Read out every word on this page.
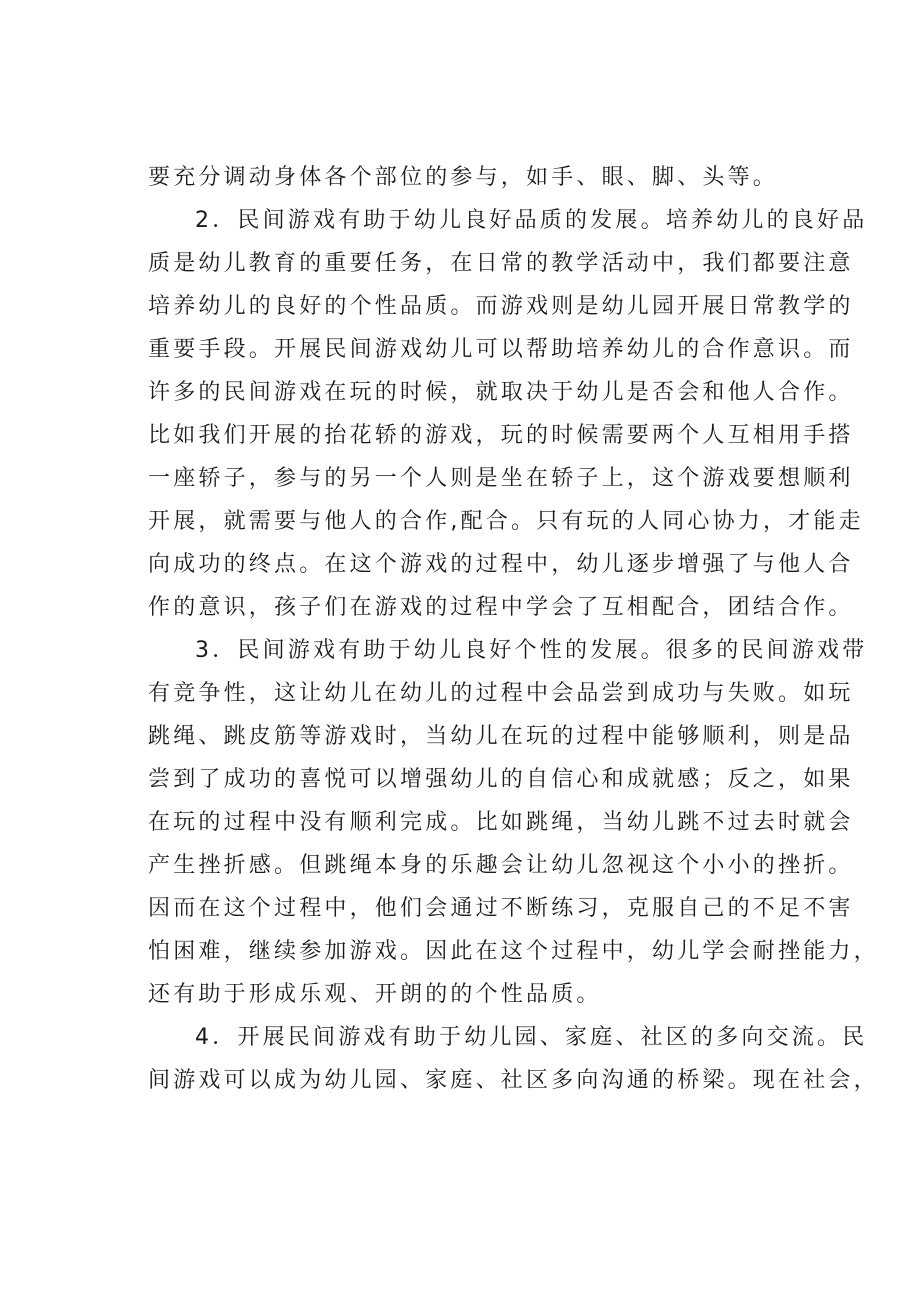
要充分调动身体各个部位的参与，如手、眼、脚、头等。
2．民间游戏有助于幼儿良好品质的发展。培养幼儿的良好品
质是幼儿教育的重要任务，在日常的教学活动中，我们都要注意
培养幼儿的良好的个性品质。而游戏则是幼儿园开展日常教学的
重要手段。开展民间游戏幼儿可以帮助培养幼儿的合作意识。而
许多的民间游戏在玩的时候，就取决于幼儿是否会和他人合作。
比如我们开展的抬花轿的游戏，玩的时候需要两个人互相用手搭
一座轿子，参与的另一个人则是坐在轿子上，这个游戏要想顺利
开展，就需要与他人的合作,配合。只有玩的人同心协力，才能走
向成功的终点。在这个游戏的过程中，幼儿逐步增强了与他人合
作的意识，孩子们在游戏的过程中学会了互相配合，团结合作。
3．民间游戏有助于幼儿良好个性的发展。很多的民间游戏带
有竞争性，这让幼儿在幼儿的过程中会品尝到成功与失败。如玩
跳绳、跳皮筋等游戏时，当幼儿在玩的过程中能够顺利，则是品
尝到了成功的喜悦可以增强幼儿的自信心和成就感；反之，如果
在玩的过程中没有顺利完成。比如跳绳，当幼儿跳不过去时就会
产生挫折感。但跳绳本身的乐趣会让幼儿忽视这个小小的挫折。
因而在这个过程中，他们会通过不断练习，克服自己的不足不害
怕困难，继续参加游戏。因此在这个过程中，幼儿学会耐挫能力，
还有助于形成乐观、开朗的的个性品质。
4．开展民间游戏有助于幼儿园、家庭、社区的多向交流。民
间游戏可以成为幼儿园、家庭、社区多向沟通的桥梁。现在社会，
